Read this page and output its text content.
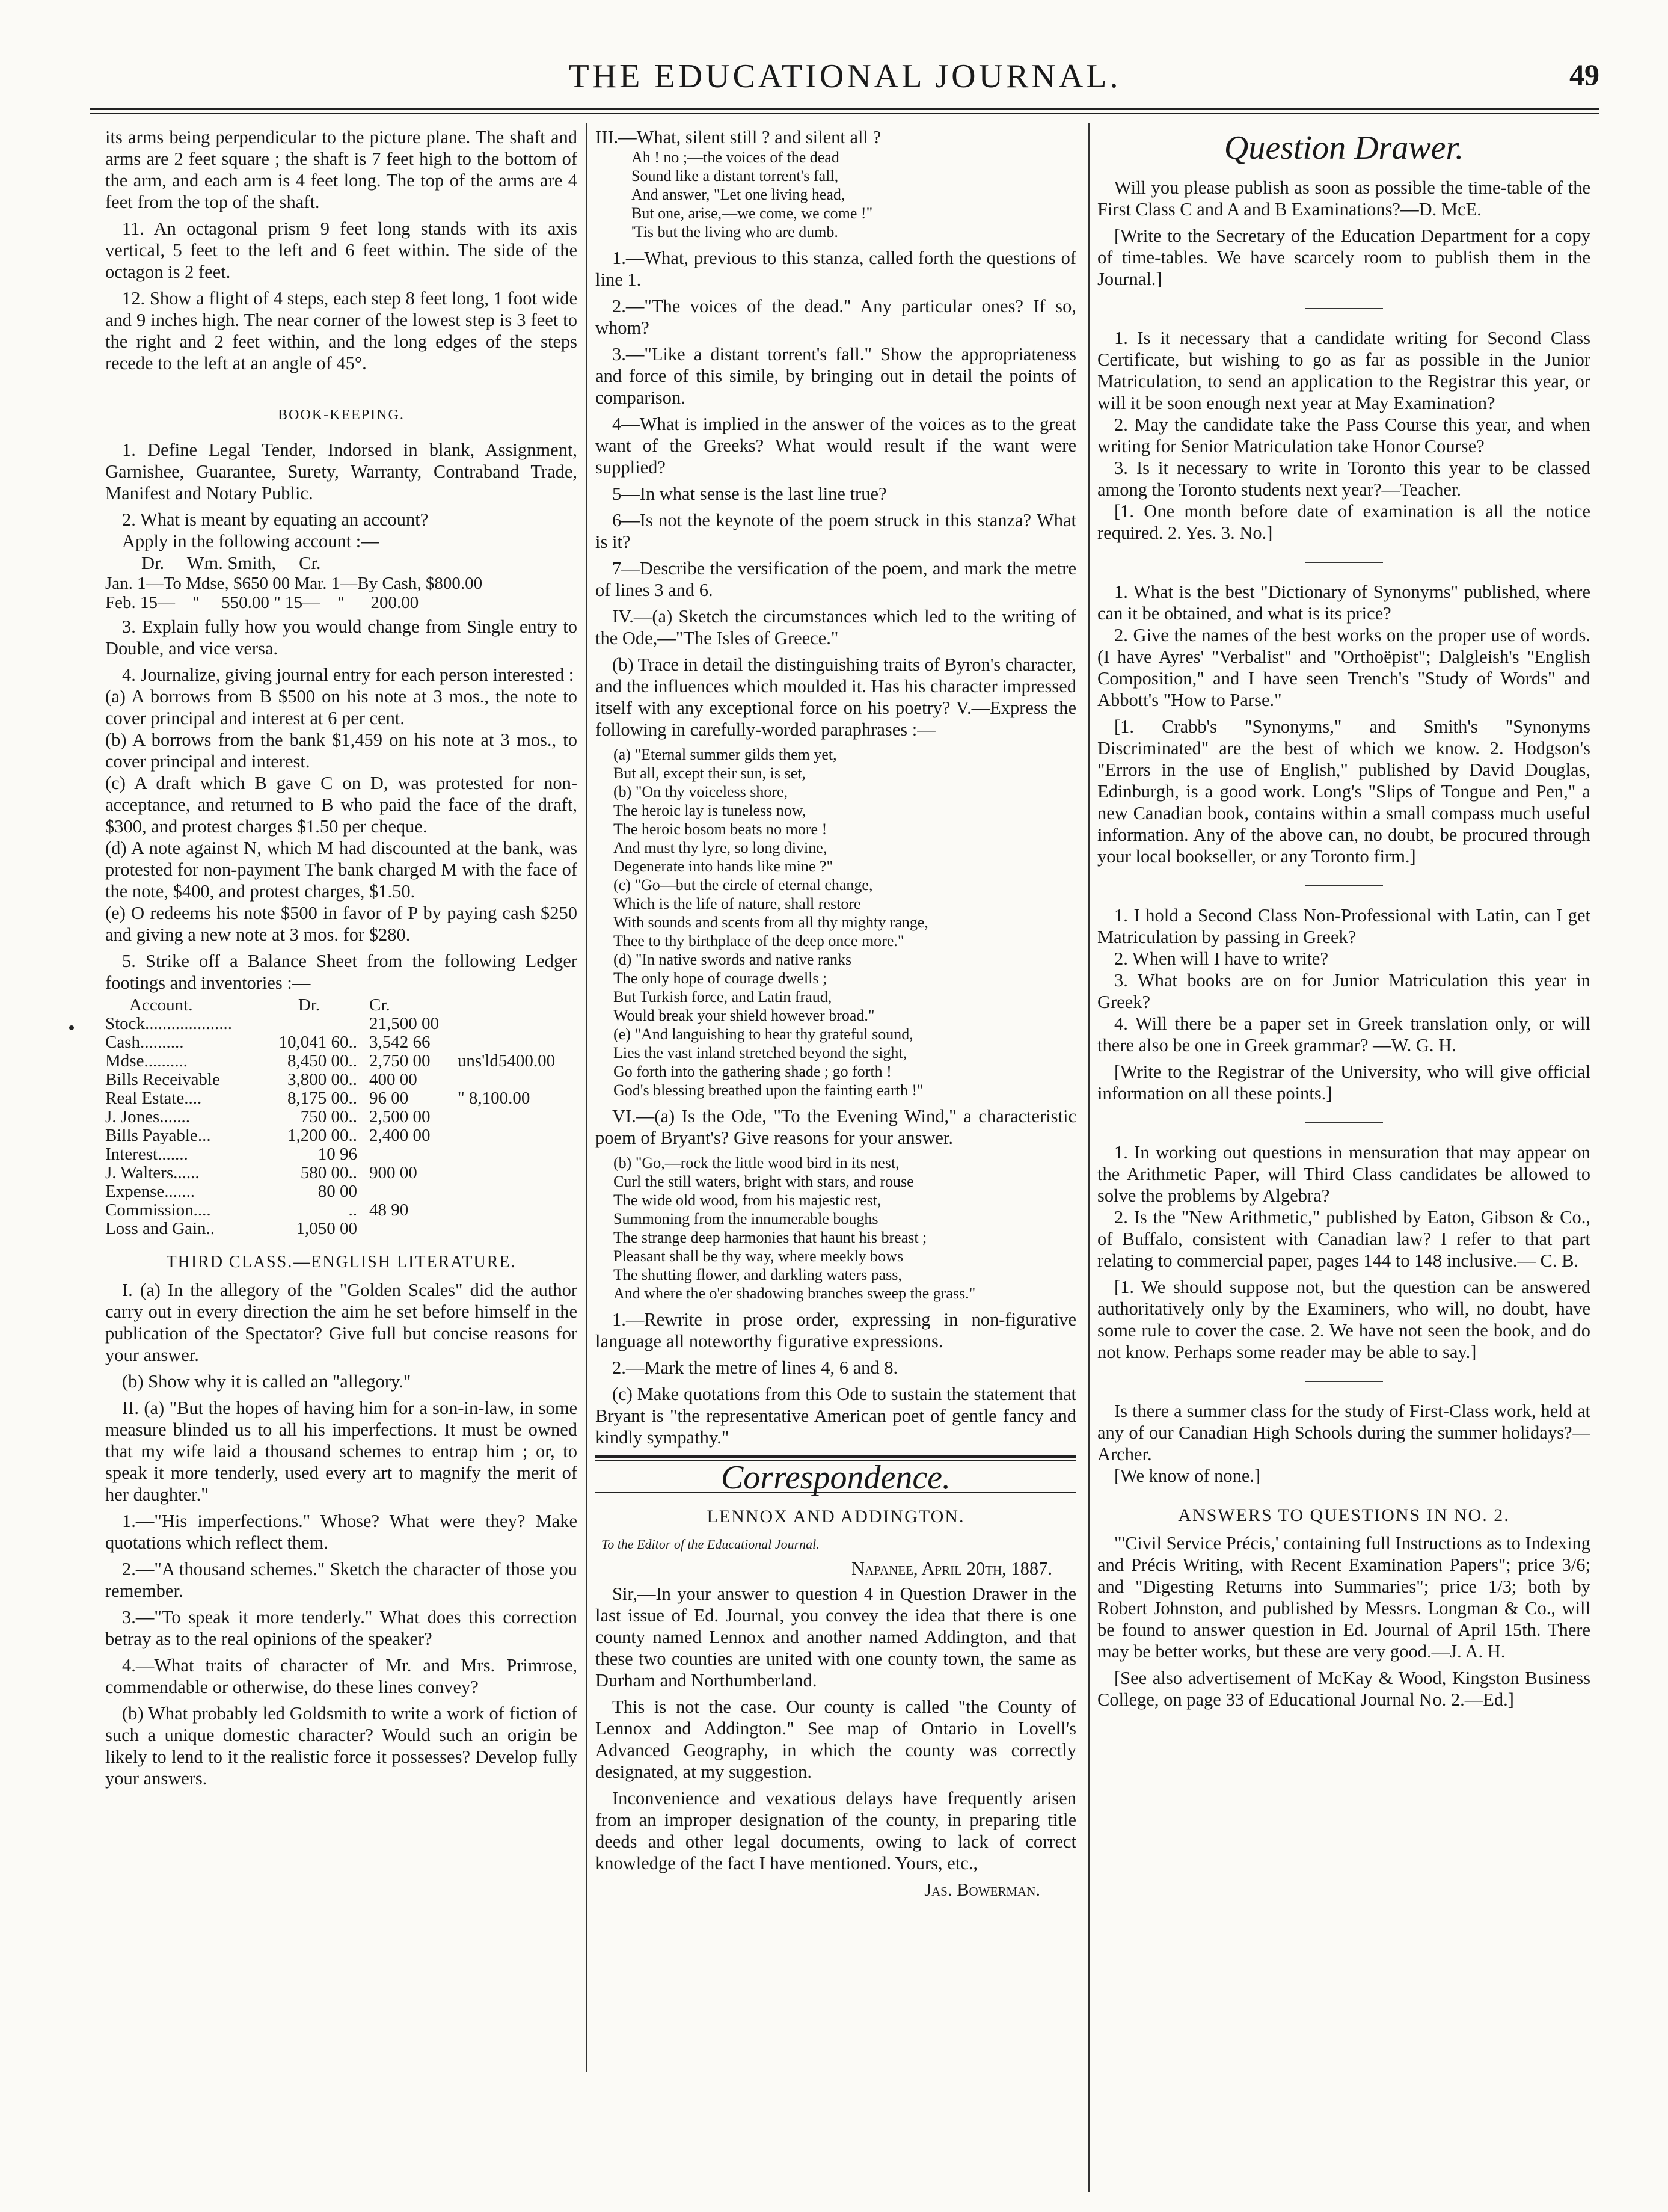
THE EDUCATIONAL JOURNAL.	49

its arms being perpendicular to the picture plane. The shaft and arms are 2 feet square ; the shaft is 7 feet high to the bottom of the arm, and each arm is 4 feet long. The top of the arms are 4 feet from the top of the shaft.

11. An octagonal prism 9 feet long stands with its axis vertical, 5 feet to the left and 6 feet within. The side of the octagon is 2 feet.

12. Show a flight of 4 steps, each step 8 feet long, 1 foot wide and 9 inches high. The near corner of the lowest step is 3 feet to the right and 2 feet within, and the long edges of the steps recede to the left at an angle of 45°.

BOOK-KEEPING.

1. Define Legal Tender, Indorsed in blank, Assignment, Garnishee, Guarantee, Surety, Warranty, Contraband Trade, Manifest and Notary Public.

2. What is meant by equating an account?

Apply in the following account :—

Dr.     Wm. Smith,     Cr.
Jan. 1—To Mdse, $650 00 Mar. 1—By Cash, $800.00
Feb. 15—    "     550.00 " 15—    "      200.00

3. Explain fully how you would change from Single entry to Double, and vice versa.

4. Journalize, giving journal entry for each person interested :

(a) A borrows from B $500 on his note at 3 mos., the note to cover principal and interest at 6 per cent.

(b) A borrows from the bank $1,459 on his note at 3 mos., to cover principal and interest.

(c) A draft which B gave C on D, was protested for non-acceptance, and returned to B who paid the face of the draft, $300, and protest charges $1.50 per cheque.

(d) A note against N, which M had discounted at the bank, was protested for non-payment The bank charged M with the face of the note, $400, and protest charges, $1.50.

(e) O redeems his note $500 in favor of P by paying cash $250 and giving a new note at 3 mos. for $280.

5. Strike off a Balance Sheet from the following Ledger footings and inventories :—

Account.	Dr.	Cr.	
Stock....................		21,500 00	
Cash..........	10,041 60..	3,542 66	
Mdse..........	8,450 00..	2,750 00	uns'ld5400.00
Bills Receivable	3,800 00..	400 00	
Real Estate....	8,175 00..	96 00	" 8,100.00
J. Jones.......	750 00..	2,500 00	
Bills Payable...	1,200 00..	2,400 00	
Interest.......	10 96		
J. Walters......	580 00..	900 00	
Expense.......	80 00		
Commission....	..	48 90	
Loss and Gain..	1,050 00		
THIRD CLASS.—ENGLISH LITERATURE.

I. (a) In the allegory of the "Golden Scales" did the author carry out in every direction the aim he set before himself in the publication of the Spectator? Give full but concise reasons for your answer.

(b) Show why it is called an "allegory."

II. (a) "But the hopes of having him for a son-in-law, in some measure blinded us to all his imperfections. It must be owned that my wife laid a thousand schemes to entrap him ; or, to speak it more tenderly, used every art to magnify the merit of her daughter."

1.—"His imperfections." Whose? What were they? Make quotations which reflect them.

2.—"A thousand schemes." Sketch the character of those you remember.

3.—"To speak it more tenderly." What does this correction betray as to the real opinions of the speaker?

4.—What traits of character of Mr. and Mrs. Primrose, commendable or otherwise, do these lines convey?

(b) What probably led Goldsmith to write a work of fiction of such a unique domestic character? Would such an origin be likely to lend to it the realistic force it possesses? Develop fully your answers.

III.—What, silent still ? and silent all ?

Ah ! no ;—the voices of the dead
Sound like a distant torrent's fall,
And answer, "Let one living head,
But one, arise,—we come, we come !"
'Tis but the living who are dumb.

1.—What, previous to this stanza, called forth the questions of line 1.

2.—"The voices of the dead." Any particular ones? If so, whom?

3.—"Like a distant torrent's fall." Show the appropriateness and force of this simile, by bringing out in detail the points of comparison.

4—What is implied in the answer of the voices as to the great want of the Greeks? What would result if the want were supplied?

5—In what sense is the last line true?

6—Is not the keynote of the poem struck in this stanza? What is it?

7—Describe the versification of the poem, and mark the metre of lines 3 and 6.

IV.—(a) Sketch the circumstances which led to the writing of the Ode,—"The Isles of Greece."

(b) Trace in detail the distinguishing traits of Byron's character, and the influences which moulded it. Has his character impressed itself with any exceptional force on his poetry? V.—Express the following in carefully-worded paraphrases :—

(a) "Eternal summer gilds them yet,
But all, except their sun, is set,
(b) "On thy voiceless shore,
The heroic lay is tuneless now,
The heroic bosom beats no more !
And must thy lyre, so long divine,
Degenerate into hands like mine ?"
(c) "Go—but the circle of eternal change,
Which is the life of nature, shall restore
With sounds and scents from all thy mighty range,
Thee to thy birthplace of the deep once more."
(d) "In native swords and native ranks
The only hope of courage dwells ;
But Turkish force, and Latin fraud,
Would break your shield however broad."
(e) "And languishing to hear thy grateful sound,
Lies the vast inland stretched beyond the sight,
Go forth into the gathering shade ; go forth !
God's blessing breathed upon the fainting earth !"

VI.—(a) Is the Ode, "To the Evening Wind," a characteristic poem of Bryant's? Give reasons for your answer.

(b) "Go,—rock the little wood bird in its nest,
Curl the still waters, bright with stars, and rouse
The wide old wood, from his majestic rest,
Summoning from the innumerable boughs
The strange deep harmonies that haunt his breast ;
Pleasant shall be thy way, where meekly bows
The shutting flower, and darkling waters pass,
And where the o'er shadowing branches sweep the grass."

1.—Rewrite in prose order, expressing in non-figurative language all noteworthy figurative expressions.

2.—Mark the metre of lines 4, 6 and 8.

(c) Make quotations from this Ode to sustain the statement that Bryant is "the representative American poet of gentle fancy and kindly sympathy."

Correspondence.
LENNOX AND ADDINGTON.
To the Editor of the Educational Journal.
Napanee, April 20th, 1887.

Sir,—In your answer to question 4 in Question Drawer in the last issue of Ed. Journal, you convey the idea that there is one county named Lennox and another named Addington, and that these two counties are united with one county town, the same as Durham and Northumberland.

This is not the case. Our county is called "the County of Lennox and Addington." See map of Ontario in Lovell's Advanced Geography, in which the county was correctly designated, at my suggestion.

Inconvenience and vexatious delays have frequently arisen from an improper designation of the county, in preparing title deeds and other legal documents, owing to lack of correct knowledge of the fact I have mentioned. Yours, etc.,

Jas. Bowerman.
Question Drawer.

Will you please publish as soon as possible the time-table of the First Class C and A and B Examinations?—D. McE.

[Write to the Secretary of the Education Department for a copy of time-tables. We have scarcely room to publish them in the Journal.]

1. Is it necessary that a candidate writing for Second Class Certificate, but wishing to go as far as possible in the Junior Matriculation, to send an application to the Registrar this year, or will it be soon enough next year at May Examination?

2. May the candidate take the Pass Course this year, and when writing for Senior Matriculation take Honor Course?

3. Is it necessary to write in Toronto this year to be classed among the Toronto students next year?—Teacher.

[1. One month before date of examination is all the notice required. 2. Yes. 3. No.]

1. What is the best "Dictionary of Synonyms" published, where can it be obtained, and what is its price?

2. Give the names of the best works on the proper use of words. (I have Ayres' "Verbalist" and "Orthoëpist"; Dalgleish's "English Composition," and I have seen Trench's "Study of Words" and Abbott's "How to Parse."

[1. Crabb's "Synonyms," and Smith's "Synonyms Discriminated" are the best of which we know. 2. Hodgson's "Errors in the use of English," published by David Douglas, Edinburgh, is a good work. Long's "Slips of Tongue and Pen," a new Canadian book, contains within a small compass much useful information. Any of the above can, no doubt, be procured through your local bookseller, or any Toronto firm.]

1. I hold a Second Class Non-Professional with Latin, can I get Matriculation by passing in Greek?

2. When will I have to write?

3. What books are on for Junior Matriculation this year in Greek?

4. Will there be a paper set in Greek translation only, or will there also be one in Greek grammar? —W. G. H.

[Write to the Registrar of the University, who will give official information on all these points.]

1. In working out questions in mensuration that may appear on the Arithmetic Paper, will Third Class candidates be allowed to solve the problems by Algebra?

2. Is the "New Arithmetic," published by Eaton, Gibson & Co., of Buffalo, consistent with Canadian law? I refer to that part relating to commercial paper, pages 144 to 148 inclusive.— C. B.

[1. We should suppose not, but the question can be answered authoritatively only by the Examiners, who will, no doubt, have some rule to cover the case. 2. We have not seen the book, and do not know. Perhaps some reader may be able to say.]

Is there a summer class for the study of First-Class work, held at any of our Canadian High Schools during the summer holidays?—Archer.

[We know of none.]

ANSWERS TO QUESTIONS IN NO. 2.

"'Civil Service Précis,' containing full Instructions as to Indexing and Précis Writing, with Recent Examination Papers"; price 3/6; and "Digesting Returns into Summaries"; price 1/3; both by Robert Johnston, and published by Messrs. Longman & Co., will be found to answer question in Ed. Journal of April 15th. There may be better works, but these are very good.—J. A. H.

[See also advertisement of McKay & Wood, Kingston Business College, on page 33 of Educational Journal No. 2.—Ed.]
